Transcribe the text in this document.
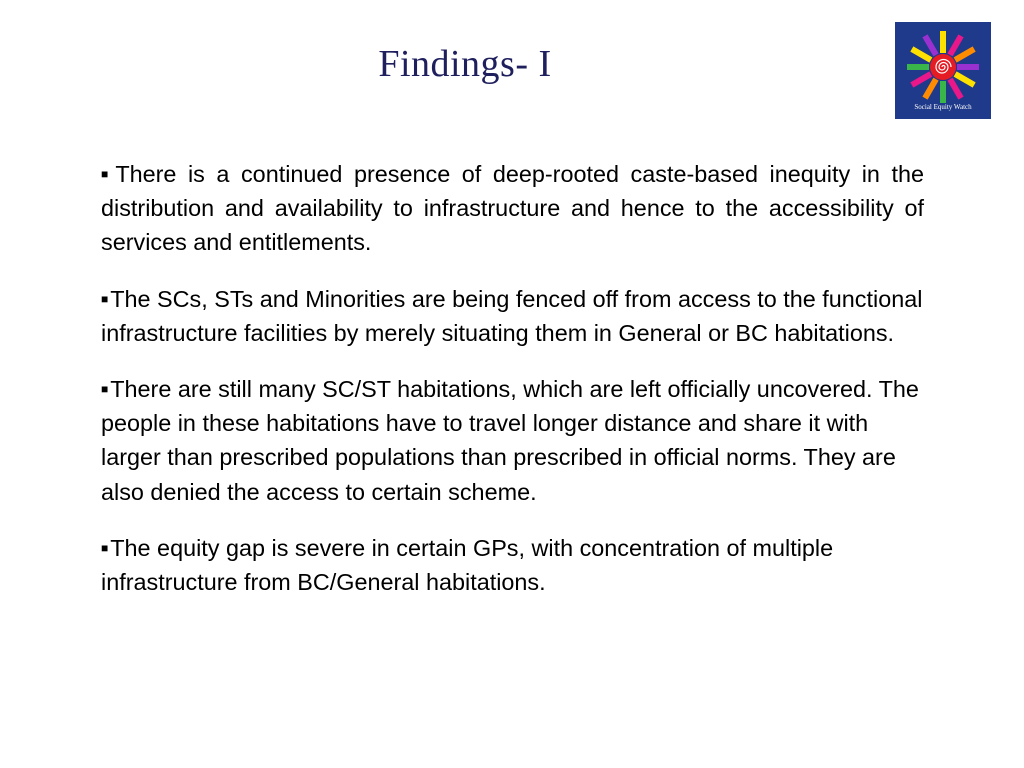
Findings- I
Social Equity Watch
■There is a continued presence of deep-rooted caste-based inequity in the distribution and availability to infrastructure and hence to the accessibility of services and entitlements.
■The SCs, STs and Minorities are being fenced off from access to the functional infrastructure facilities by merely situating them in General or BC habitations.
■There are still many SC/ST habitations, which are left officially uncovered. The people in these habitations have to travel longer distance and share it with larger than prescribed populations than prescribed in official norms. They are also denied the access to certain scheme.
■The equity gap is severe in certain GPs, with concentration of multiple infrastructure from BC/General habitations.
